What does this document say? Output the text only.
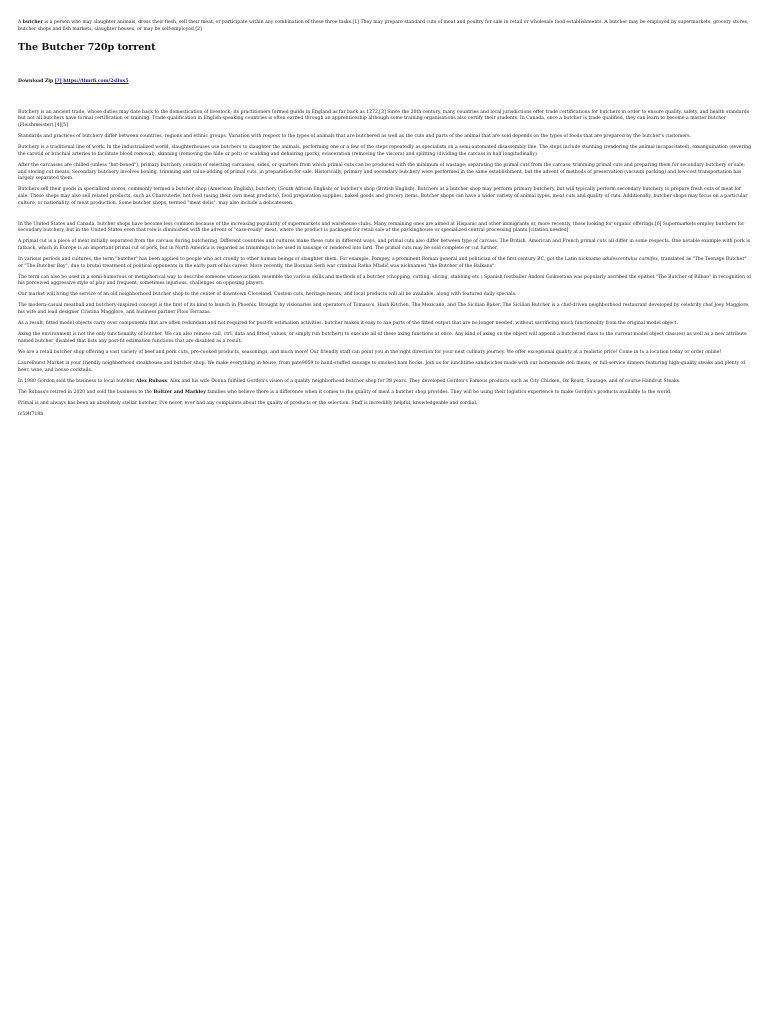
A butcher is a person who may slaughter animals, dress their flesh, sell their meat, or participate within any combination of these three tasks.[1] They may prepare standard cuts of meat and poultry for sale in retail or wholesale food establishments. A butcher may be employed by supermarkets, grocery stores, butcher shops and fish markets, slaughter houses, or may be self-employed.[2]

The Butcher 720p torrent
Download Zip [?] https://tlmrfi.com/2sllus5

Butchery is an ancient trade, whose duties may date back to the domestication of livestock; its practitioners formed guilds in England as far back as 1272.[3] Since the 20th century, many countries and local jurisdictions offer trade certifications for butchers in order to ensure quality, safety, and health standards but not all butchers have formal certification or training. Trade qualification in English-speaking countries is often earned through an apprenticeship although some training organisations also certify their students. In Canada, once a butcher is trade qualified, they can learn to become a master butcher (Fleishmeister).[4][5]

Standards and practices of butchery differ between countries, regions and ethnic groups. Variation with respect to the types of animals that are butchered as well as the cuts and parts of the animal that are sold depends on the types of foods that are prepared by the butcher's customers.

Butchery is a traditional line of work. In the industrialized world, slaughterhouses use butchers to slaughter the animals, performing one or a few of the steps repeatedly as specialists on a semi-automated disassembly line. The steps include stunning (rendering the animal incapacitated), exsanguination (severing the carotid or brachial arteries to facilitate blood removal), skinning (removing the hide or pelt) or scalding and dehairing (pork), evisceration (removing the viscera) and splitting (dividing the carcass in half longitudinally).

After the carcasses are chilled (unless "hot-boned"), primary butchery consists of selecting carcasses, sides, or quarters from which primal cuts can be produced with the minimum of wastage; separating the primal cuts from the carcass; trimming primal cuts and preparing them for secondary butchery or sale; and storing cut meats. Secondary butchery involves boning, trimming and value-adding of primal cuts, in preparation for sale. Historically, primary and secondary butchery were performed in the same establishment, but the advent of methods of preservation (vacuum packing) and low-cost transportation has largely separated them.

Butchers sell their goods in specialized stores, commonly termed a butcher shop (American English), butchery (South African English) or butcher's shop (British English). Butchers at a butcher shop may perform primary butchery, but will typically perform secondary butchery to prepare fresh cuts of meat for sale. These shops may also sell related products, such as Charcuterie, hot food (using their own meat products), food preparation supplies, baked goods and grocery items. Butcher shops can have a wider variety of animal types, meat cuts and quality of cuts. Additionally, butcher shops may focus on a particular culture, or nationality, of meat production. Some butcher shops, termed "meat delis", may also include a delicatessen.

In the United States and Canada, butcher shops have become less common because of the increasing popularity of supermarkets and warehouse clubs. Many remaining ones are aimed at Hispanic and other immigrants or, more recently, those looking for organic offerings.[6] Supermarkets employ butchers for secondary butchery, but in the United States even that role is diminished with the advent of "case-ready" meat, where the product is packaged for retail sale at the packinghouse or specialized central processing plants.[citation needed]

A primal cut is a piece of meat initially separated from the carcass during butchering. Different countries and cultures make these cuts in different ways, and primal cuts also differ between type of carcass. The British, American and French primal cuts all differ in some respects. One notable example with pork is fatback, which in Europe is an important primal cut of pork, but in North America is regarded as trimmings to be used in sausage or rendered into lard. The primal cuts may be sold complete or cut further.

In various periods and cultures, the term "butcher" has been applied to people who act cruelly to other human beings or slaughter them. For example, Pompey, a prominent Roman general and politician of the first century BC, got the Latin nickname adulescentulus carnifex, translated as "The Teenage Butcher" or "The Butcher Boy", due to brutal treatment of political opponents in the early part of his career. More recently, the Bosnian Serb war criminal Ratko Mladić was nicknamed "the Butcher of the Balkans".

The term can also be used in a semi-humorous or metaphorical way to describe someone whose actions resemble the various skills and methods of a butcher (chopping, cutting, slicing, stabbing etc.) Spanish footballer Andoni Goikoetxea was popularly ascribed the epithet "The Butcher of Bilbao" in recognition of his perceived aggressive style of play and frequent, sometimes injurious, challenges on opposing players.

Our market will bring the service of an old neighborhood butcher shop to the center of downtown Cleveland. Custom cuts, heritage meats, and local products will all be available, along with featured daily specials.

The modern-casual meatball and butchery-inspired concept is the first of its kind to launch in Phoenix. Brought by visionaries and operators of Tomaso's, Hash Kitchen, The Mexicano, and The Sicilian Baker. The Sicilian Butcher is a chef-driven neighborhood restaurant developed by celebrity chef Joey Maggiore, his wife and lead designer Cristina Maggiore, and business partner Flois Terrazas.

As a result, fitted model objects carry over components that are often redundant and not required for post-fit estimation activities. butcher makes it easy to axe parts of the fitted output that are no longer needed, without sacrificing much functionality from the original model object.

Axing the environment is not the only functionality of butcher. We can also remove call, ctrl, data and fitted_values, or simply run butcher() to execute all of these axing functions at once. Any kind of axing on the object will append a butchered class to the current model object class(es) as well as a new attribute named butcher_disabled that lists any post-fit estimation functions that are disabled as a result.

We are a retail butcher shop offering a vast variety of beef and pork cuts, pre-cooked products, seasonings, and much more! Our friendly staff can point you in the right direction for your next culinary journey. We offer exceptional quality at a realistic price! Come in to a location today or order online!

Laurelhurst Market is your friendly neighborhood steakhouse and butcher shop. We make everything in-house, from pate9059 to hand-stuffed sausage to smoked ham hocks. Join us for lunchtime sandwiches made with our homemade deli meats, or full-service dinners featuring high-quality steaks and plenty of beer, wine, and house cocktails.

In 1980 Gordon sold the business to local butcher Alex Rubass. Alex and his wife Donna fulfilled Gordon's vision of a quality neighborhood butcher shop for 38 years. They developed Gordon's Famous products such as City Chicken, Ox Roast, Sausage, and of course Handcut Steaks.

The Rubass's retired in 2020 and sold the business to the Boltzer and Markley families who believe there is a difference when it comes to the quality of meat a butcher shop provides. They will be using their logistics experience to make Gordon's products available to the world.

Primal is and always has been an absolutely stellar butcher. I've never, ever had any complaints about the quality of products or the selection. Staff is incredibly helpful, knowledgeable and cordial.

fc5f4f718b
